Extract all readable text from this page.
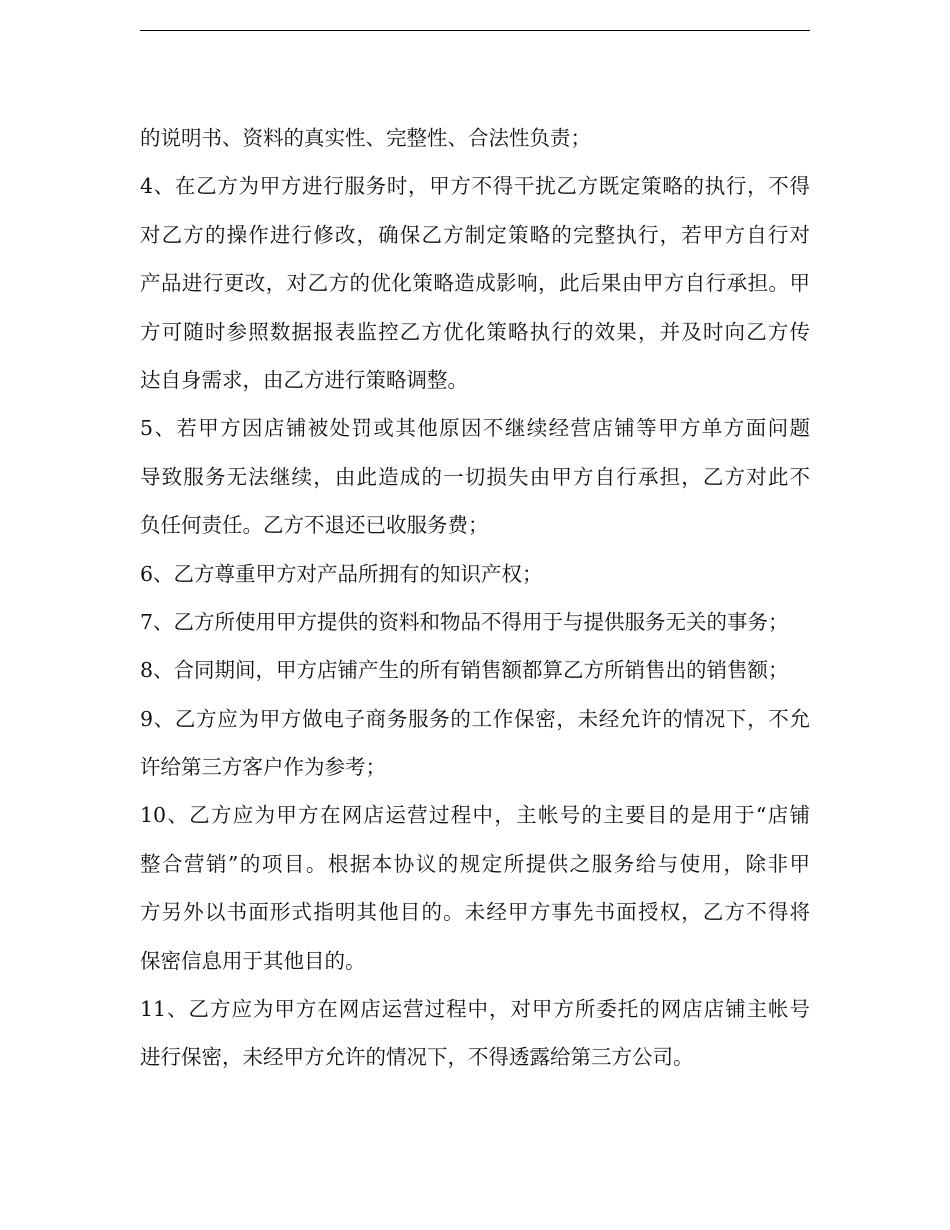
的说明书、资料的真实性、完整性、合法性负责；
4、在乙方为甲方进行服务时，甲方不得干扰乙方既定策略的执行，不得
对乙方的操作进行修改，确保乙方制定策略的完整执行，若甲方自行对
产品进行更改，对乙方的优化策略造成影响，此后果由甲方自行承担。甲
方可随时参照数据报表监控乙方优化策略执行的效果，并及时向乙方传
达自身需求，由乙方进行策略调整。
5、若甲方因店铺被处罚或其他原因不继续经营店铺等甲方单方面问题
导致服务无法继续，由此造成的一切损失由甲方自行承担，乙方对此不
负任何责任。乙方不退还已收服务费；
6、乙方尊重甲方对产品所拥有的知识产权；
7、乙方所使用甲方提供的资料和物品不得用于与提供服务无关的事务；
8、合同期间，甲方店铺产生的所有销售额都算乙方所销售出的销售额；
9、乙方应为甲方做电子商务服务的工作保密，未经允许的情况下，不允
许给第三方客户作为参考；
10、乙方应为甲方在网店运营过程中，主帐号的主要目的是用于“店铺
整合营销”的项目。根据本协议的规定所提供之服务给与使用，除非甲
方另外以书面形式指明其他目的。未经甲方事先书面授权，乙方不得将
保密信息用于其他目的。
11、乙方应为甲方在网店运营过程中，对甲方所委托的网店店铺主帐号
进行保密，未经甲方允许的情况下，不得透露给第三方公司。
